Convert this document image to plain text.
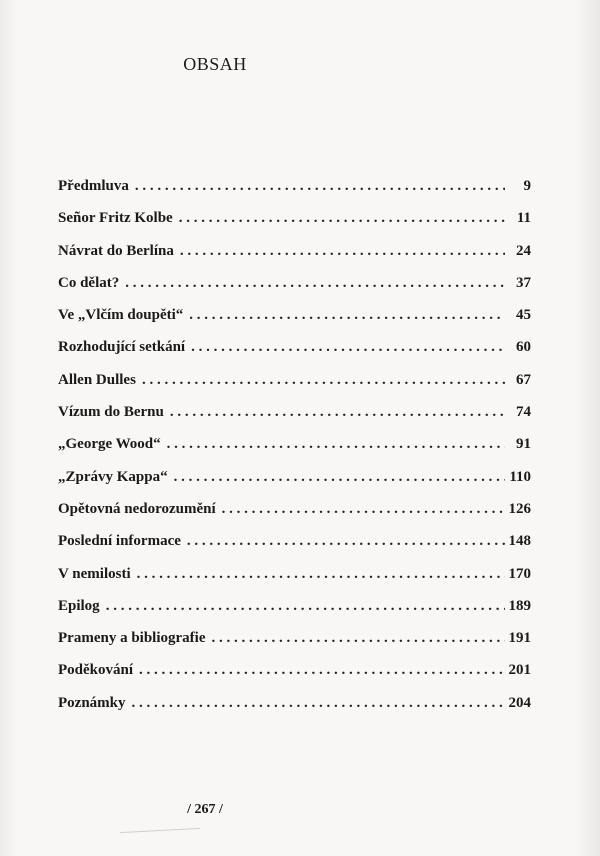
OBSAH
Předmluva . . .	9
Señor Fritz Kolbe . . .	11
Návrat do Berlína . . .	24
Co dělat? . . .	37
Ve „Vlčím doupěti“ . . .	45
Rozhodující setkání . . .	60
Allen Dulles . . .	67
Vízum do Bernu . . .	74
„George Wood“ . . .	91
„Zprávy Kappa“ . . .	110
Opětovná nedorozumění . . .	126
Poslední informace . . .	148
V nemilosti . . .	170
Epilog . . .	189
Prameny a bibliografie . . .	191
Poděkování . . .	201
Poznámky . . .	204
/ 267 /
